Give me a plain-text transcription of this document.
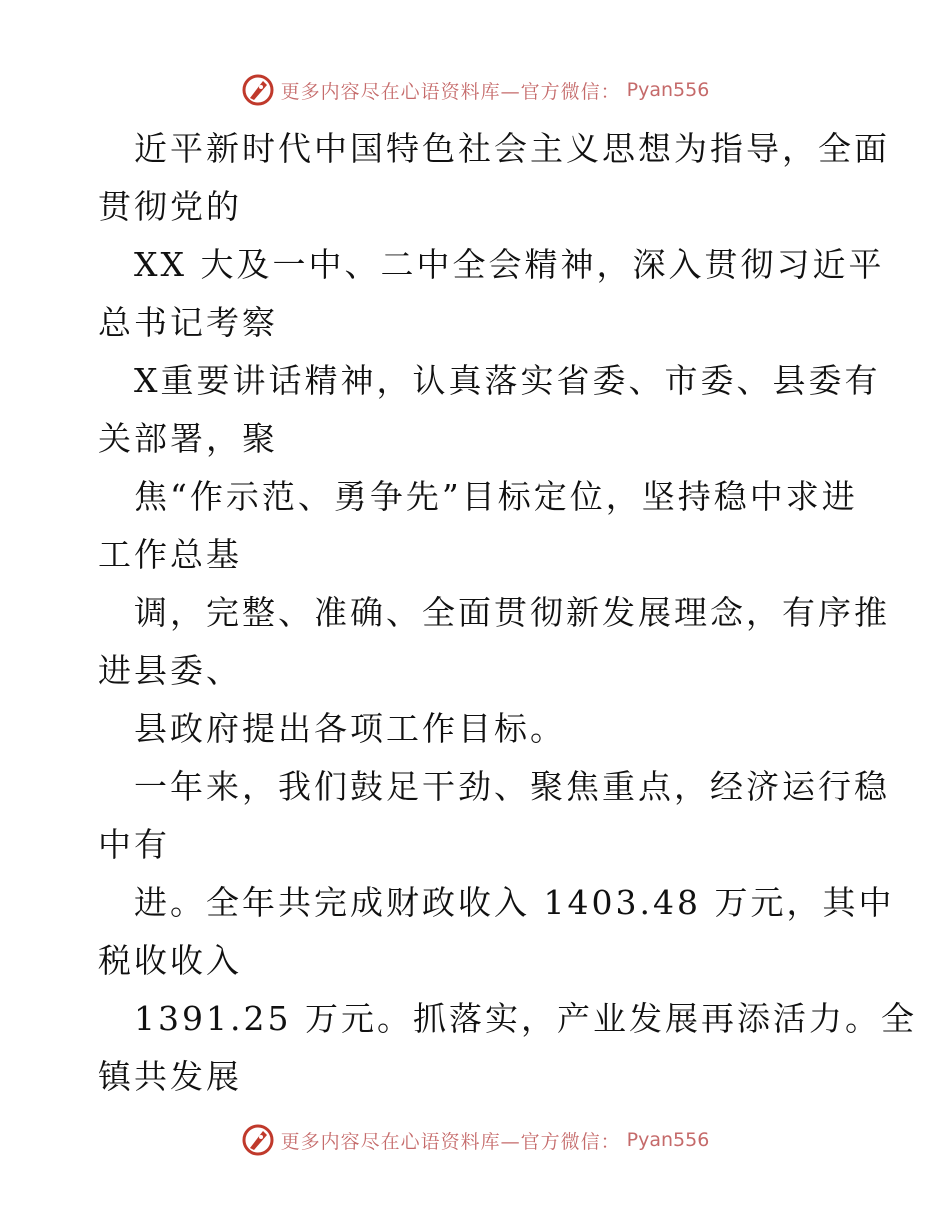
更多内容尽在心语资料库—官方微信： Pyan556
近平新时代中国特色社会主义思想为指导，全面
贯彻党的
XX 大及一中、二中全会精神，深入贯彻习近平
总书记考察
X重要讲话精神，认真落实省委、市委、县委有
关部署，聚
焦“作示范、勇争先”目标定位，坚持稳中求进
工作总基
调，完整、准确、全面贯彻新发展理念，有序推
进县委、
县政府提出各项工作目标。
一年来，我们鼓足干劲、聚焦重点，经济运行稳
中有
进。全年共完成财政收入 1403.48 万元，其中
税收收入
1391.25 万元。抓落实，产业发展再添活力。全
镇共发展
更多内容尽在心语资料库—官方微信： Pyan556
